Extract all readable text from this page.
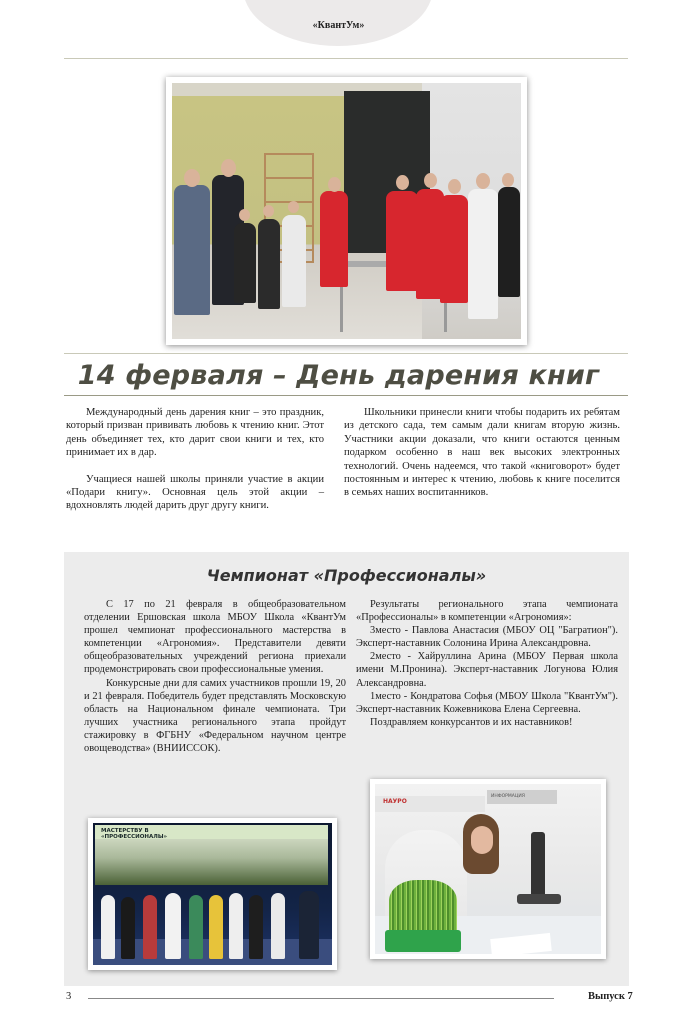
«КвантУм»
14 ферваля – День дарения книг

Международный день дарения книг – это праздник, который призван прививать любовь к чтению книг. Этот день объединяет тех, кто дарит свои книги и тех, кто принимает их в дар.

Учащиеся нашей школы приняли участие в акции «Подари книгу». Основная цель этой акции – вдохновлять людей дарить друг другу книги.

Школьники принесли книги чтобы подарить их ребятам из детского сада, тем самым дали книгам вторую жизнь. Участники акции доказали, что книги остаются ценным подарком особенно в наш век высоких электронных технологий. Очень надеемся, что такой «книговорот» будет постоянным и интерес к чтению, любовь к книге поселится в семьях наших воспитанников.

Чемпионат «Профессионалы»

С 17 по 21 февраля в общеобразовательном отделении Ершовская школа МБОУ Школа «КвантУм прошел чемпионат профессионального мастерства в компетенции «Агрономия». Представители девяти общеобразовательных учреждений региона приехали продемонстрировать свои профессиональные умения.

Конкурсные дни для самих участников прошли 19, 20 и 21 февраля. Победитель будет представлять Московскую область на Национальном финале чемпионата. Три лучших участника регионального этапа пройдут стажировку в ФГБНУ «Федеральном научном центре овощеводства» (ВНИИССОК).

Результаты регионального этапа чемпионата «Профессионалы» в компетенции «Агрономия»:

3место - Павлова Анастасия (МБОУ ОЦ "Багратион"). Эксперт-наставник Солонина Ирина Александровна.

2место - Хайруллина Арина (МБОУ Первая школа имени М.Пронина). Эксперт-наставник Логунова Юлия Александровна.

1место - Кондратова Софья (МБОУ Школа "КвантУм"). Эксперт-наставник Кожевникова Елена Сергеевна.

Поздравляем конкурсантов и их наставников!

МАСТЕРСТВУ В
«ПРОФЕССИОНАЛЫ»
НАУРО
ИНФОРМАЦИЯ
3	Выпуск 7
